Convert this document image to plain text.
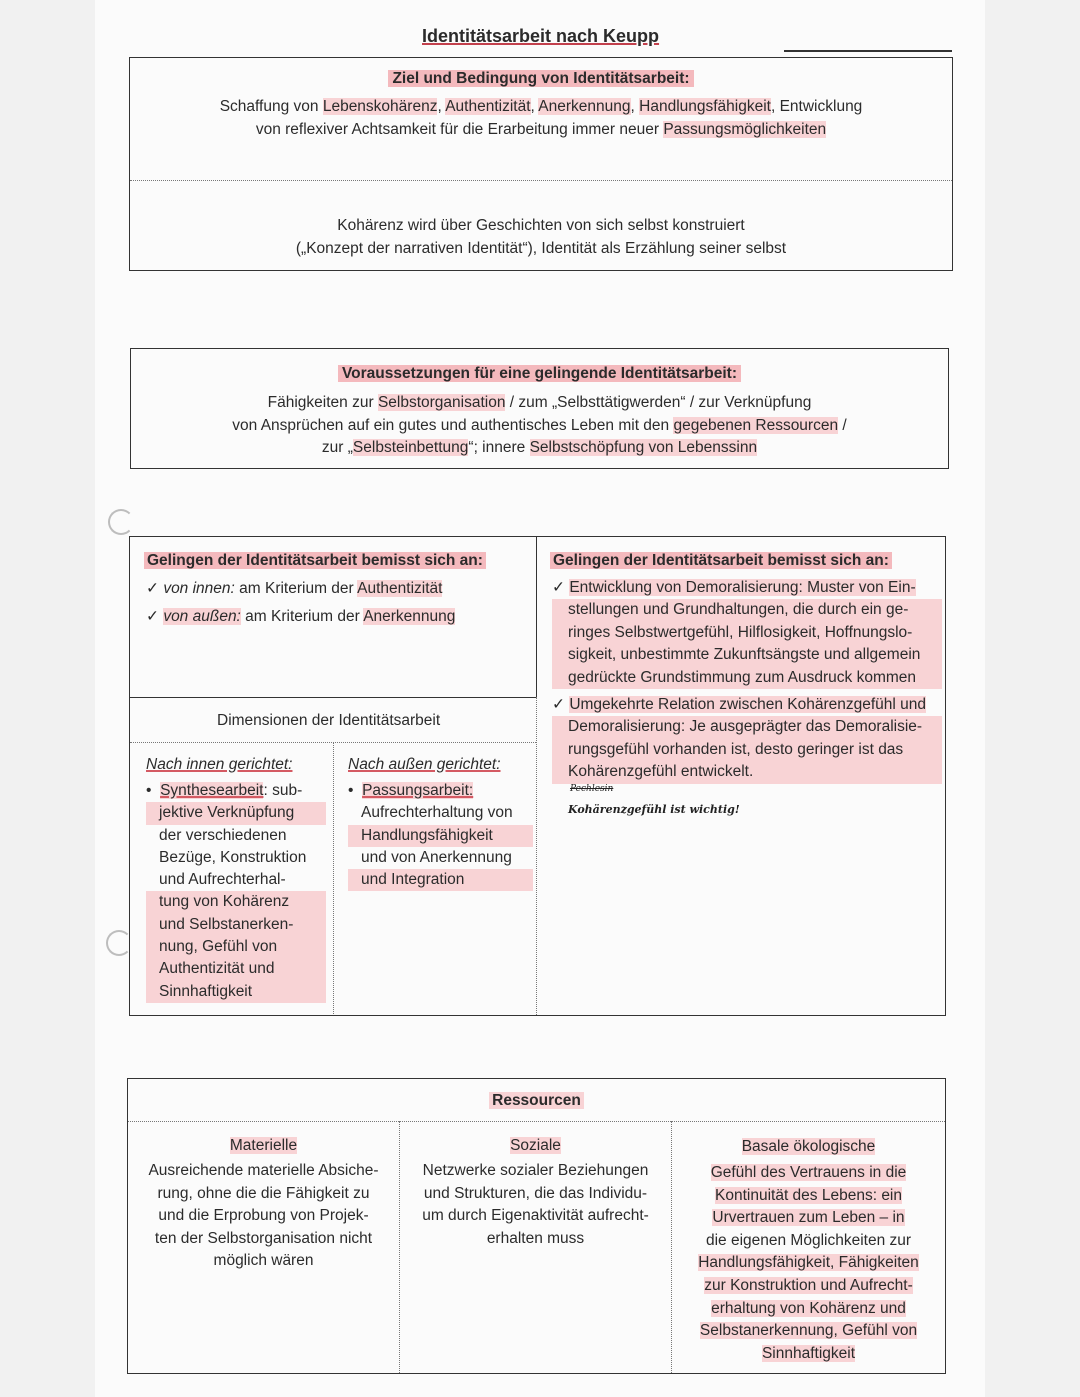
Identitätsarbeit nach Keupp
Ziel und Bedingung von Identitätsarbeit:
Schaffung von Lebenskohärenz, Authentizität, Anerkennung, Handlungsfähigkeit, Entwicklung
von reflexiver Achtsamkeit für die Erarbeitung immer neuer Passungsmöglichkeiten
Kohärenz wird über Geschichten von sich selbst konstruiert
(„Konzept der narrativen Identität“), Identität als Erzählung seiner selbst
Voraussetzungen für eine gelingende Identitätsarbeit:
Fähigkeiten zur Selbstorganisation / zum „Selbsttätigwerden“ / zur Verknüpfung
von Ansprüchen auf ein gutes und authentisches Leben mit den gegebenen Ressourcen /
zur „Selbsteinbettung“; innere Selbstschöpfung von Lebenssinn
Gelingen der Identitätsarbeit bemisst sich an:
✓ von innen: am Kriterium der Authentizität
✓ von außen: am Kriterium der Anerkennung
Dimensionen der Identitätsarbeit
Nach innen gerichtet:
• Synthesearbeit: sub-
jektive Verknüpfung
der verschiedenen
Bezüge, Konstruktion
und Aufrechterhal-
tung von Kohärenz
und Selbstanerken-
nung, Gefühl von
Authentizität und
Sinnhaftigkeit
Nach außen gerichtet:
• Passungsarbeit:
Aufrechterhaltung von
Handlungsfähigkeit
und von Anerkennung
und Integration
Gelingen der Identitätsarbeit bemisst sich an:
✓ Entwicklung von Demoralisierung: Muster von Ein-
stellungen und Grundhaltungen, die durch ein ge-
ringes Selbstwertgefühl, Hilflosigkeit, Hoffnungslo-
sigkeit, unbestimmte Zukunftsängste und allgemein
gedrückte Grundstimmung zum Ausdruck kommen
✓ Umgekehrte Relation zwischen Kohärenzgefühl und
Demoralisierung: Je ausgeprägter das Demoralisie-
rungsgefühl vorhanden ist, desto geringer ist das
Kohärenzgefühl entwickelt.
Pechlesin
Kohärenzgefühl ist wichtig!
Ressourcen
Materielle
Ausreichende materielle Absiche-
rung, ohne die die Fähigkeit zu
und die Erprobung von Projek-
ten der Selbstorganisation nicht
möglich wären
Soziale
Netzwerke sozialer Beziehungen
und Strukturen, die das Individu-
um durch Eigenaktivität aufrecht-
erhalten muss
Basale ökologische
Gefühl des Vertrauens in die
Kontinuität des Lebens: ein
Urvertrauen zum Leben – in
die eigenen Möglichkeiten zur
Handlungsfähigkeit, Fähigkeiten
zur Konstruktion und Aufrecht-
erhaltung von Kohärenz und
Selbstanerkennung, Gefühl von
Sinnhaftigkeit
